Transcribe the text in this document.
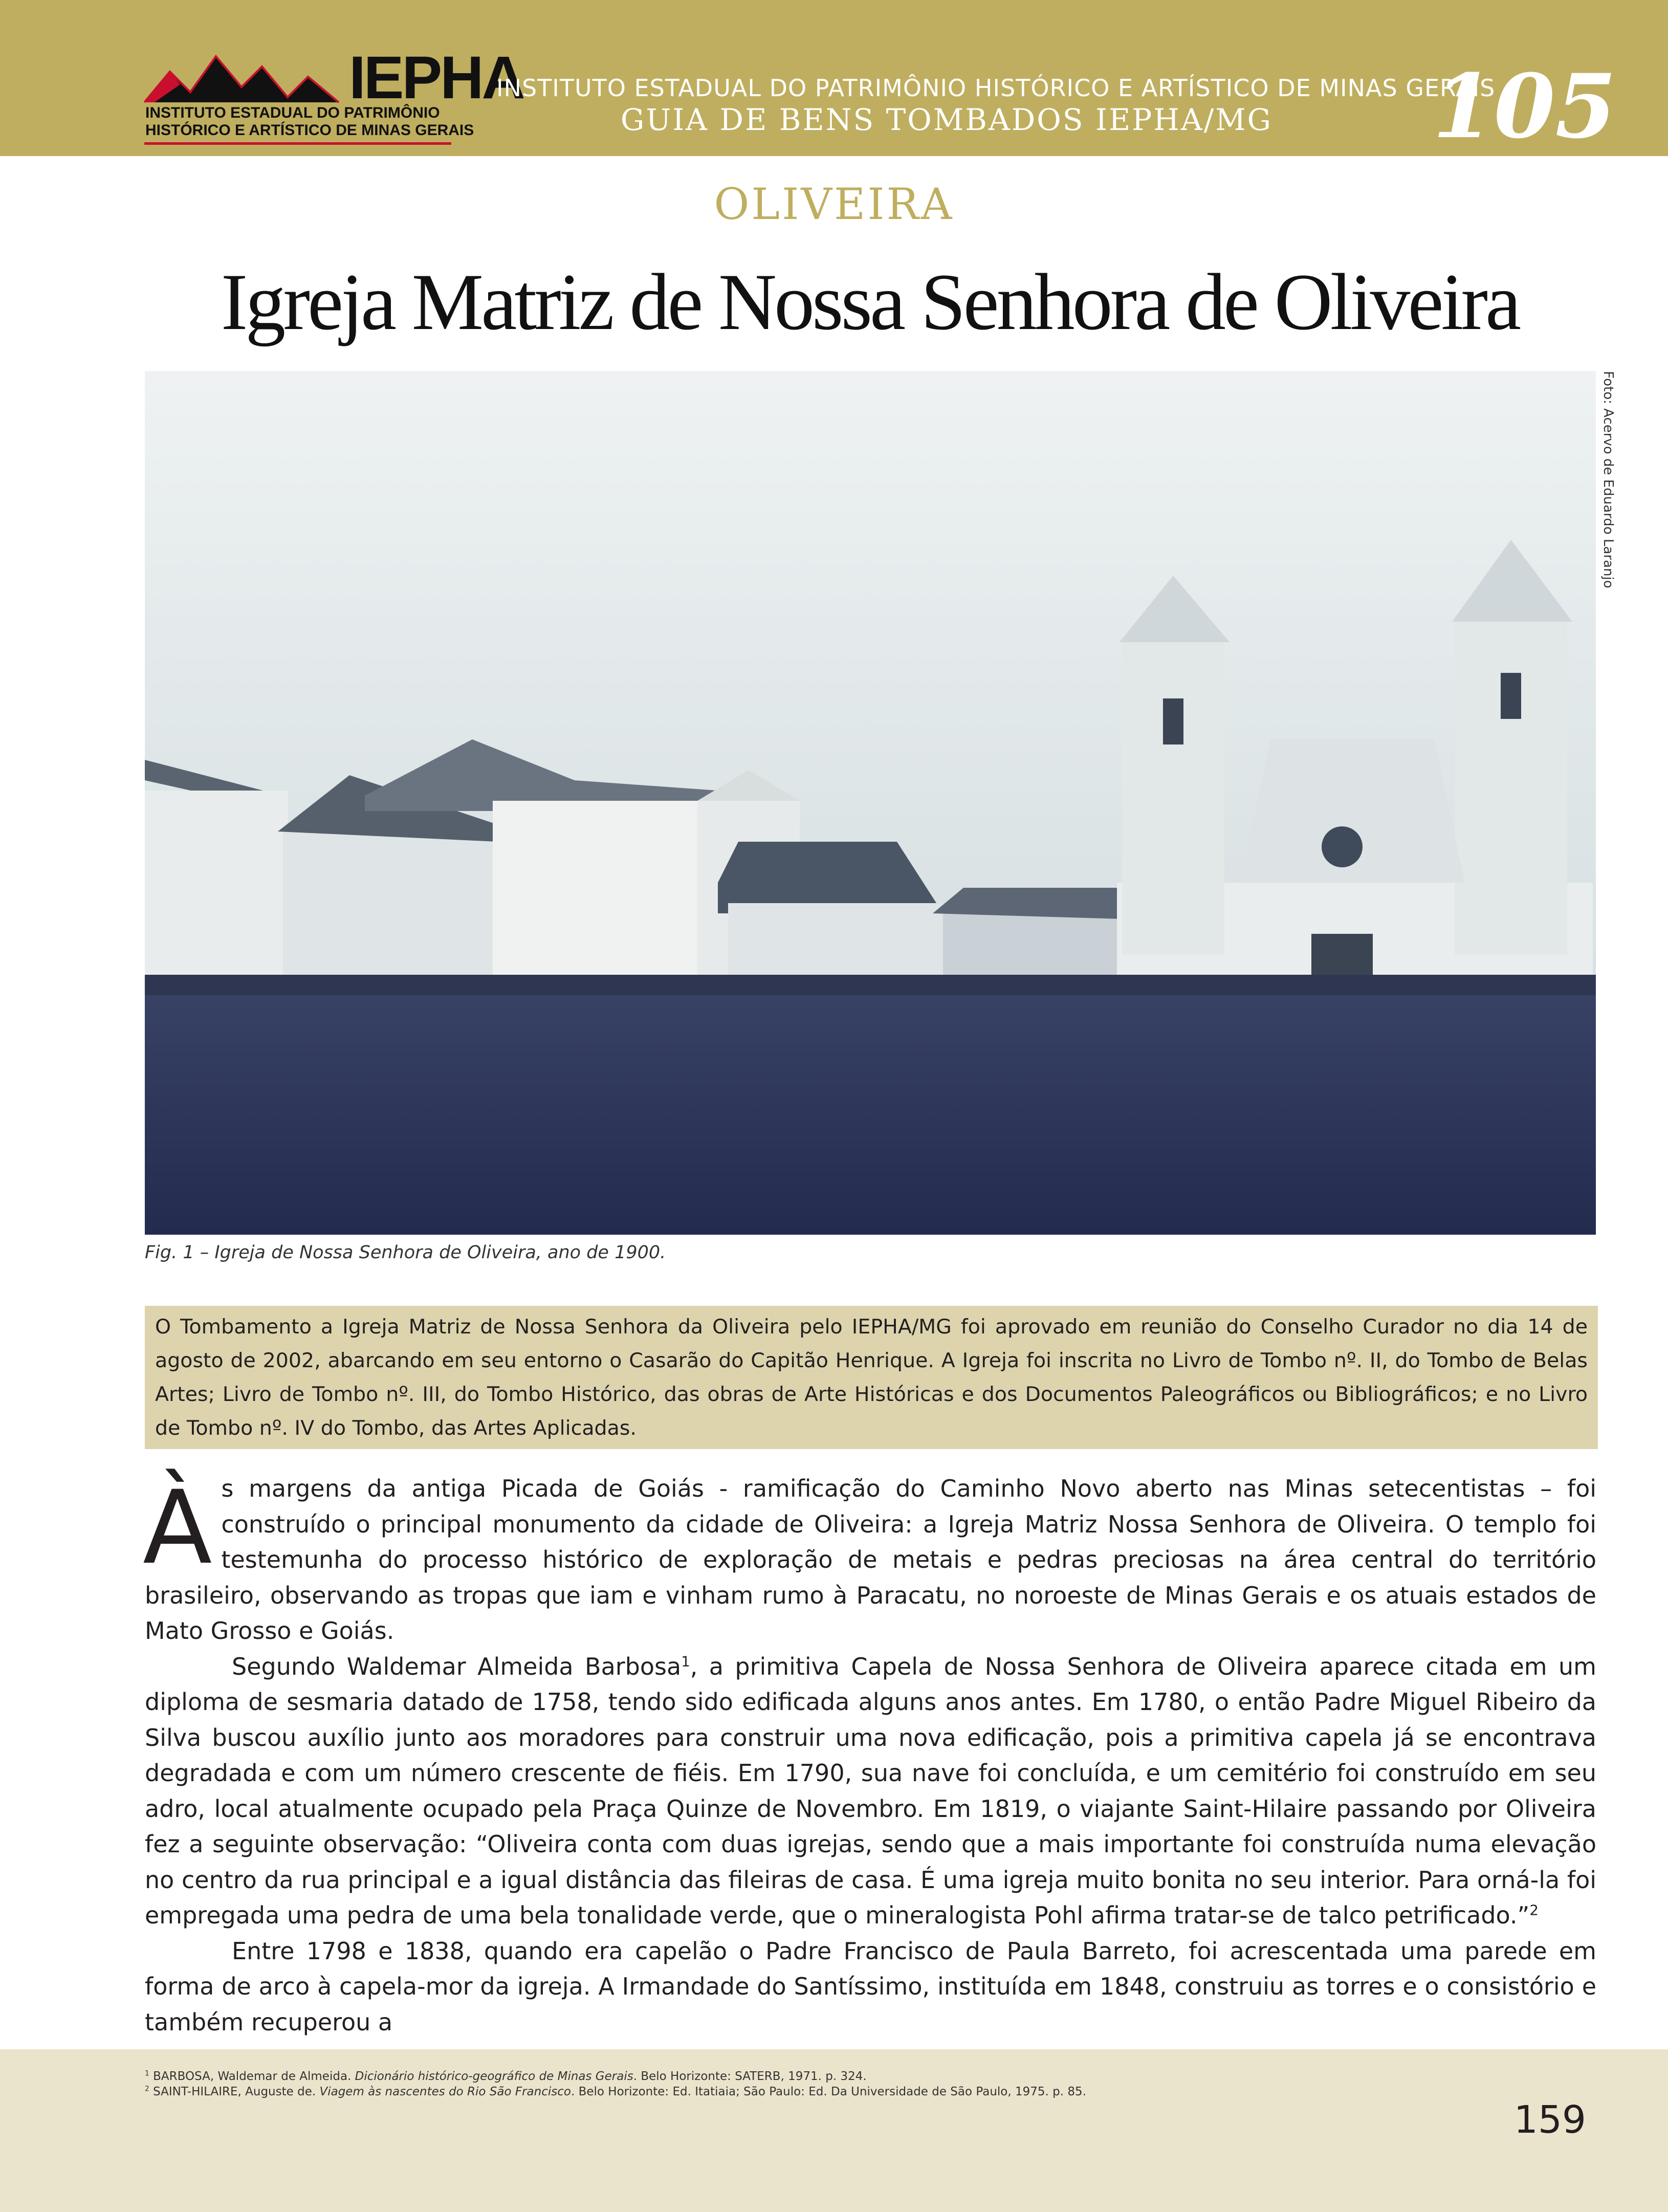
IEPHA
INSTITUTO ESTADUAL DO PATRIMÔNIO
HISTÓRICO E ARTÍSTICO DE MINAS GERAIS
INSTITUTO ESTADUAL DO PATRIMÔNIO HISTÓRICO E ARTÍSTICO DE MINAS GERAIS
GUIA DE BENS TOMBADOS IEPHA/MG	105
OLIVEIRA
Igreja Matriz de Nossa Senhora de Oliveira
Foto: Acervo de Eduardo Laranjo
Fig. 1 – Igreja de Nossa Senhora de Oliveira, ano de 1900.

O Tombamento a Igreja Matriz de Nossa Senhora da Oliveira pelo IEPHA/MG foi aprovado em reunião do Conselho Curador no dia 14 de agosto de 2002, abarcando em seu entorno o Casarão do Capitão Henrique. A Igreja foi inscrita no Livro de Tombo nº. II, do Tombo de Belas Artes; Livro de Tombo nº. III, do Tombo Histórico, das obras de Arte Históricas e dos Documentos Paleográficos ou Bibliográficos; e no Livro de Tombo nº. IV do Tombo, das Artes Aplicadas.

Às margens da antiga Picada de Goiás - ramificação do Caminho Novo aberto nas Minas setecentistas – foi construído o principal monumento da cidade de Oliveira: a Igreja Matriz Nossa Senhora de Oliveira. O templo foi testemunha do processo histórico de exploração de metais e pedras preciosas na área central do território brasileiro, observando as tropas que iam e vinham rumo à Paracatu, no noroeste de Minas Gerais e os atuais estados de Mato Grosso e Goiás.

Segundo Waldemar Almeida Barbosa$^1$, a primitiva Capela de Nossa Senhora de Oliveira aparece citada em um diploma de sesmaria datado de 1758, tendo sido edificada alguns anos antes. Em 1780, o então Padre Miguel Ribeiro da Silva buscou auxílio junto aos moradores para construir uma nova edificação, pois a primitiva capela já se encontrava degradada e com um número crescente de fiéis. Em 1790, sua nave foi concluída, e um cemitério foi construído em seu adro, local atualmente ocupado pela Praça Quinze de Novembro. Em 1819, o viajante Saint-Hilaire passando por Oliveira fez a seguinte observação: “Oliveira conta com duas igrejas, sendo que a mais importante foi construída numa elevação no centro da rua principal e a igual distância das fileiras de casa. É uma igreja muito bonita no seu interior. Para orná-la foi empregada uma pedra de uma bela tonalidade verde, que o mineralogista Pohl afirma tratar-se de talco petrificado.”$^2$

Entre 1798 e 1838, quando era capelão o Padre Francisco de Paula Barreto, foi acrescentada uma parede em forma de arco à capela-mor da igreja. A Irmandade do Santíssimo, instituída em 1848, construiu as torres e o consistório e também recuperou a

$^1$ BARBOSA, Waldemar de Almeida. Dicionário histórico-geográfico de Minas Gerais. Belo Horizonte: SATERB, 1971. p. 324.
$^2$ SAINT-HILAIRE, Auguste de. Viagem às nascentes do Rio São Francisco. Belo Horizonte: Ed. Itatiaia; São Paulo: Ed. Da Universidade de São Paulo, 1975. p. 85.
159
